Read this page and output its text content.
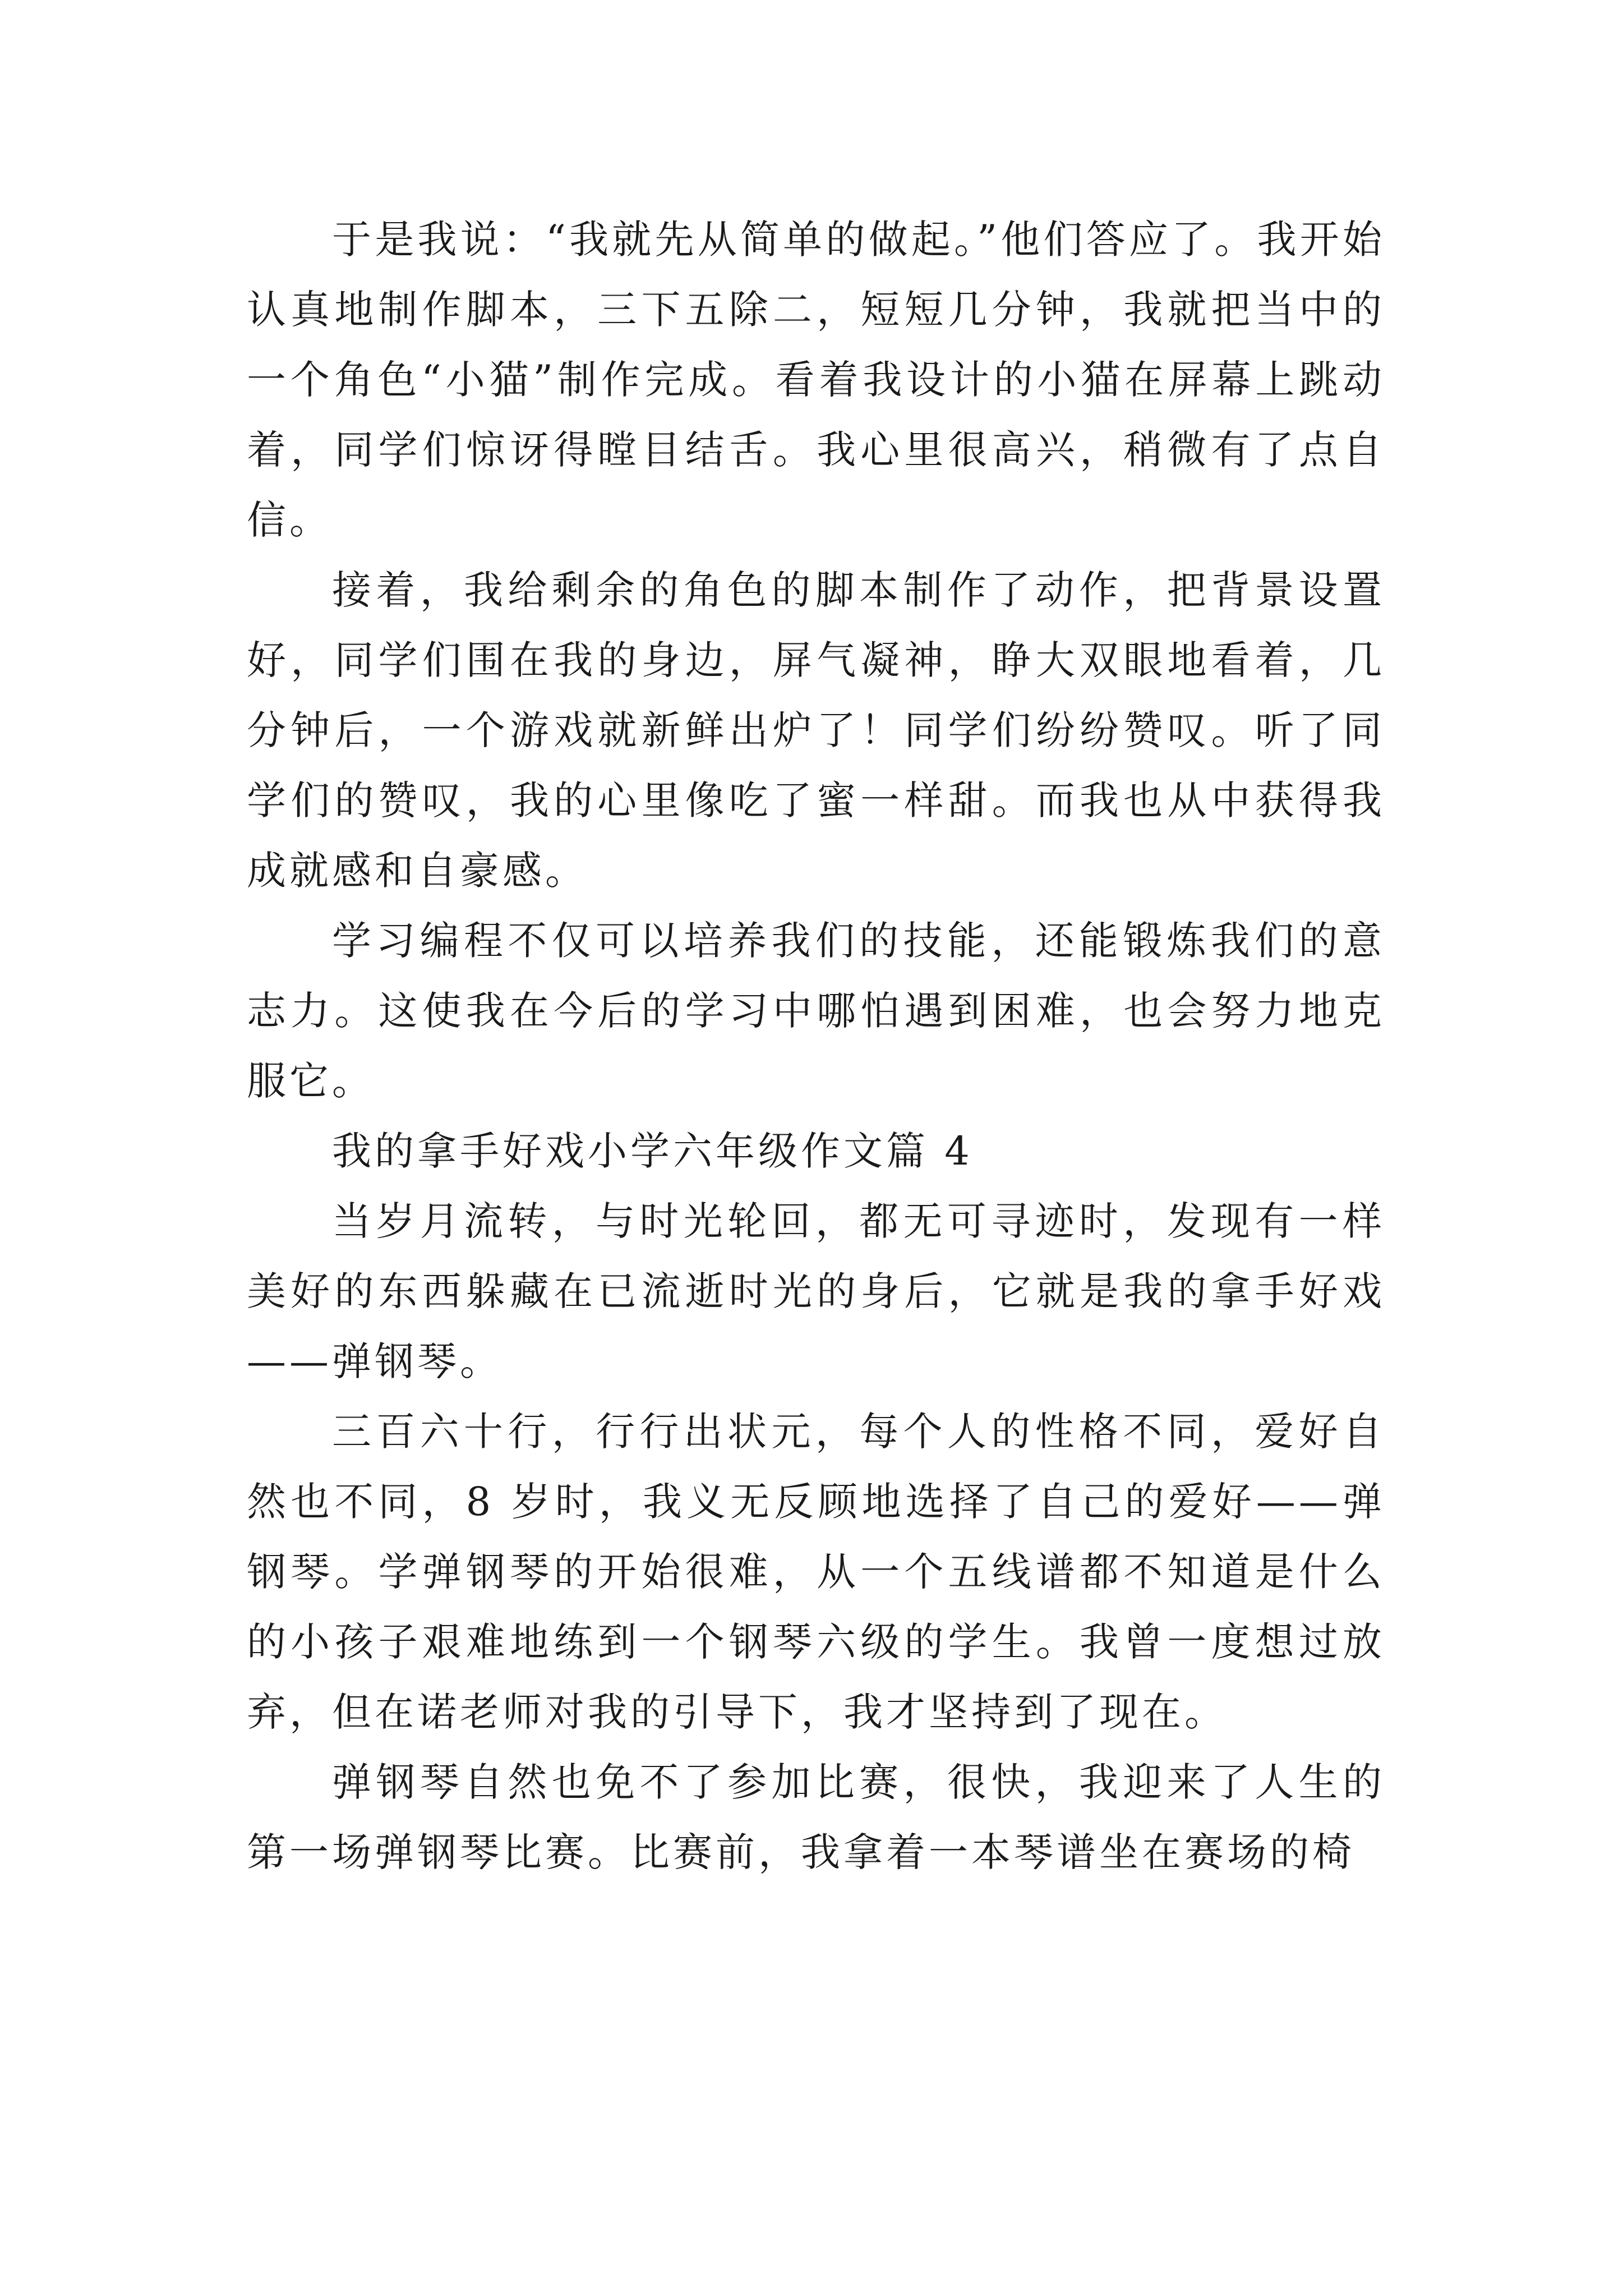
于是我说：“我就先从简单的做起。”他们答应了。我开始认真地制作脚本，三下五除二，短短几分钟，我就把当中的一个角色“小猫”制作完成。看着我设计的小猫在屏幕上跳动着，同学们惊讶得瞠目结舌。我心里很高兴，稍微有了点自信。

接着，我给剩余的角色的脚本制作了动作，把背景设置好，同学们围在我的身边，屏气凝神，睁大双眼地看着，几分钟后，一个游戏就新鲜出炉了！同学们纷纷赞叹。听了同学们的赞叹，我的心里像吃了蜜一样甜。而我也从中获得我成就感和自豪感。

学习编程不仅可以培养我们的技能，还能锻炼我们的意志力。这使我在今后的学习中哪怕遇到困难，也会努力地克服它。

我的拿手好戏小学六年级作文篇 4

当岁月流转，与时光轮回，都无可寻迹时，发现有一样美好的东西躲藏在已流逝时光的身后，它就是我的拿手好戏——弹钢琴。

三百六十行，行行出状元，每个人的性格不同，爱好自然也不同，8 岁时，我义无反顾地选择了自己的爱好——弹钢琴。学弹钢琴的开始很难，从一个五线谱都不知道是什么的小孩子艰难地练到一个钢琴六级的学生。我曾一度想过放弃，但在诺老师对我的引导下，我才坚持到了现在。

弹钢琴自然也免不了参加比赛，很快，我迎来了人生的第一场弹钢琴比赛。比赛前，我拿着一本琴谱坐在赛场的椅
